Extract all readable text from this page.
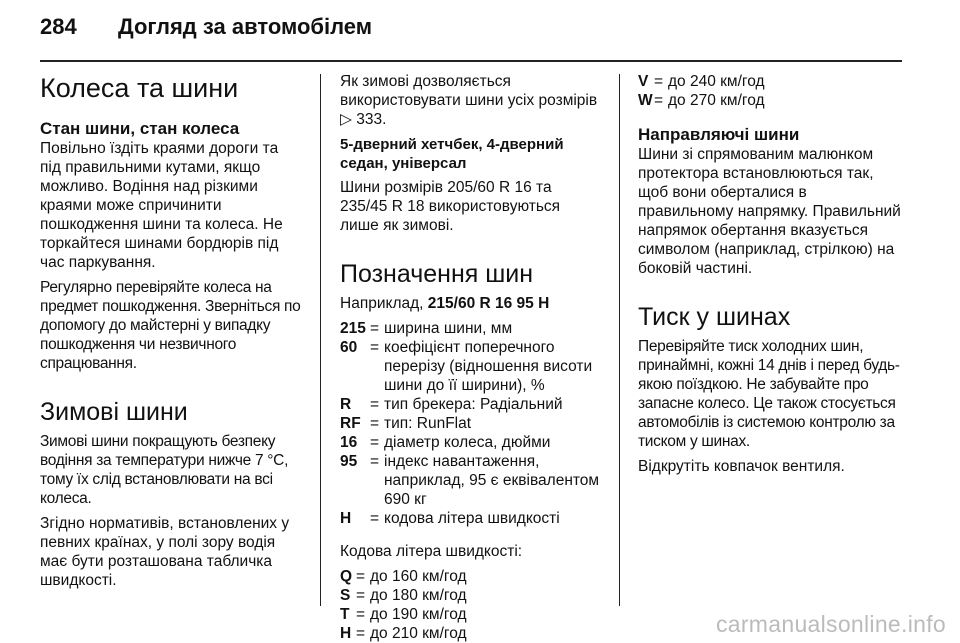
284 Догляд за автомобілем
Колеса та шини
Стан шини, стан колеса

Повільно їздіть краями дороги та під правильними кутами, якщо можливо. Водіння над різкими краями може спричинити пошкодження шини та колеса. Не торкайтеся шинами бордюрів під час паркування.

Регулярно перевіряйте колеса на предмет пошкодження. Зверніться по допомогу до майстерні у випадку пошкодження чи незвичного спрацювання.

Зимові шини

Зимові шини покращують безпеку водіння за температури нижче 7 °C, тому їх слід встановлювати на всі колеса.

Згідно нормативів, встановлених у певних країнах, у полі зору водія має бути розташована табличка швидкості.

Як зимові дозволяється використовувати шини усіх розмірів ▷ 333.

5-дверний хетчбек, 4-дверний седан, універсал

Шини розмірів 205/60 R 16 та 235/45 R 18 використовуються лише як зимові.

Позначення шин

Наприклад, 215/60 R 16 95 H

215 = ширина шини, мм
60 = коефіцієнт поперечного перерізу (відношення висоти шини до її ширини), %
R	= тип брекера: Радіальний
RF = тип: RunFlat
16 = діаметр колеса, дюйми
95 = індекс навантаження, наприклад, 95 є еквівалентом 690 кг
H	= кодова літера швидкості

Кодова літера швидкості:

Q = до 160 км/год
S = до 180 км/год
T = до 190 км/год
H = до 210 км/год
V = до 240 км/год
W = до 270 км/год
Направляючі шини

Шини зі спрямованим малюнком протектора встановлюються так, щоб вони оберталися в правильному напрямку. Правильний напрямок обертання вказується символом (наприклад, стрілкою) на боковій частині.

Тиск у шинах

Перевіряйте тиск холодних шин, принаймні, кожні 14 днів і перед будь-якою поїздкою. Не забувайте про запасне колесо. Це також стосується автомобілів із системою контролю за тиском у шинах.

Відкрутіть ковпачок вентиля.

carmanualsonline.info
